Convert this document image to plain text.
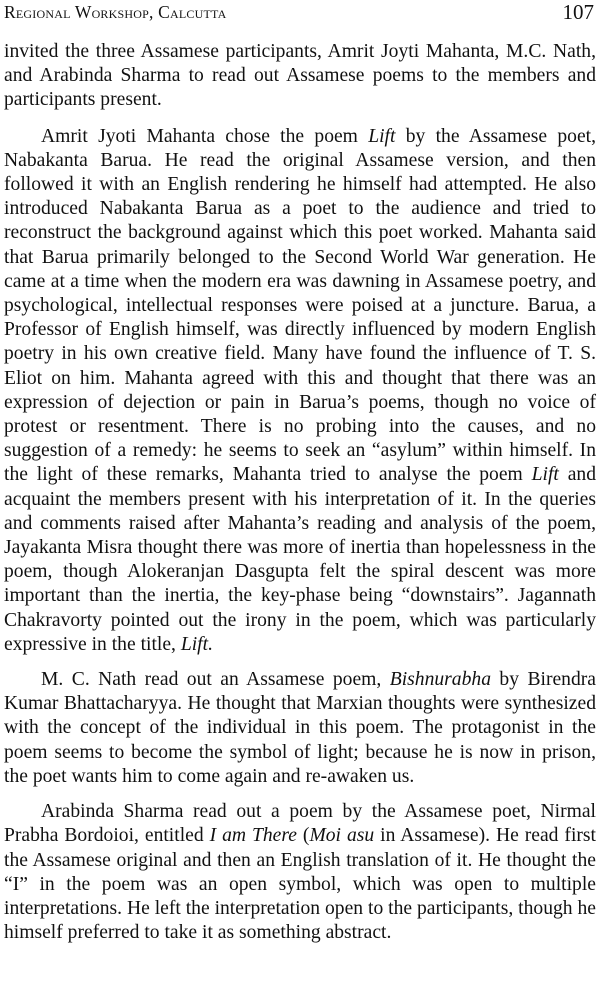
Regional Workshop, Calcutta	107

invited the three Assamese participants, Amrit Joyti Mahanta, M.C. Nath, and Arabinda Sharma to read out Assamese poems to the members and participants present.

Amrit Jyoti Mahanta chose the poem Lift by the Assamese poet, Nabakanta Barua. He read the original Assamese version, and then followed it with an English rendering he himself had attempted. He also introduced Nabakanta Barua as a poet to the audience and tried to reconstruct the background against which this poet worked. Mahanta said that Barua primarily belonged to the Second World War generation. He came at a time when the modern era was dawning in Assamese poetry, and psychological, intellectual responses were poised at a juncture. Barua, a Professor of English himself, was directly influenced by modern English poetry in his own creative field. Many have found the influence of T. S. Eliot on him. Mahanta agreed with this and thought that there was an expression of dejection or pain in Barua’s poems, though no voice of protest or resentment. There is no probing into the causes, and no suggestion of a remedy: he seems to seek an “asylum” within himself. In the light of these remarks, Mahanta tried to analyse the poem Lift and acquaint the members present with his interpretation of it. In the queries and comments raised after Mahanta’s reading and analysis of the poem, Jayakanta Misra thought there was more of inertia than hopelessness in the poem, though Alokeranjan Dasgupta felt the spiral descent was more important than the inertia, the key-phase being “downstairs”. Jagannath Chakravorty pointed out the irony in the poem, which was particularly expressive in the title, Lift.

M. C. Nath read out an Assamese poem, Bishnurabha by Birendra Kumar Bhattacharyya. He thought that Marxian thoughts were synthesized with the concept of the individual in this poem. The protagonist in the poem seems to become the symbol of light; because he is now in prison, the poet wants him to come again and re-awaken us.

Arabinda Sharma read out a poem by the Assamese poet, Nirmal Prabha Bordoioi, entitled I am There (Moi asu in Assamese). He read first the Assamese original and then an English translation of it. He thought the “I” in the poem was an open symbol, which was open to multiple interpretations. He left the interpretation open to the participants, though he himself preferred to take it as something abstract.
